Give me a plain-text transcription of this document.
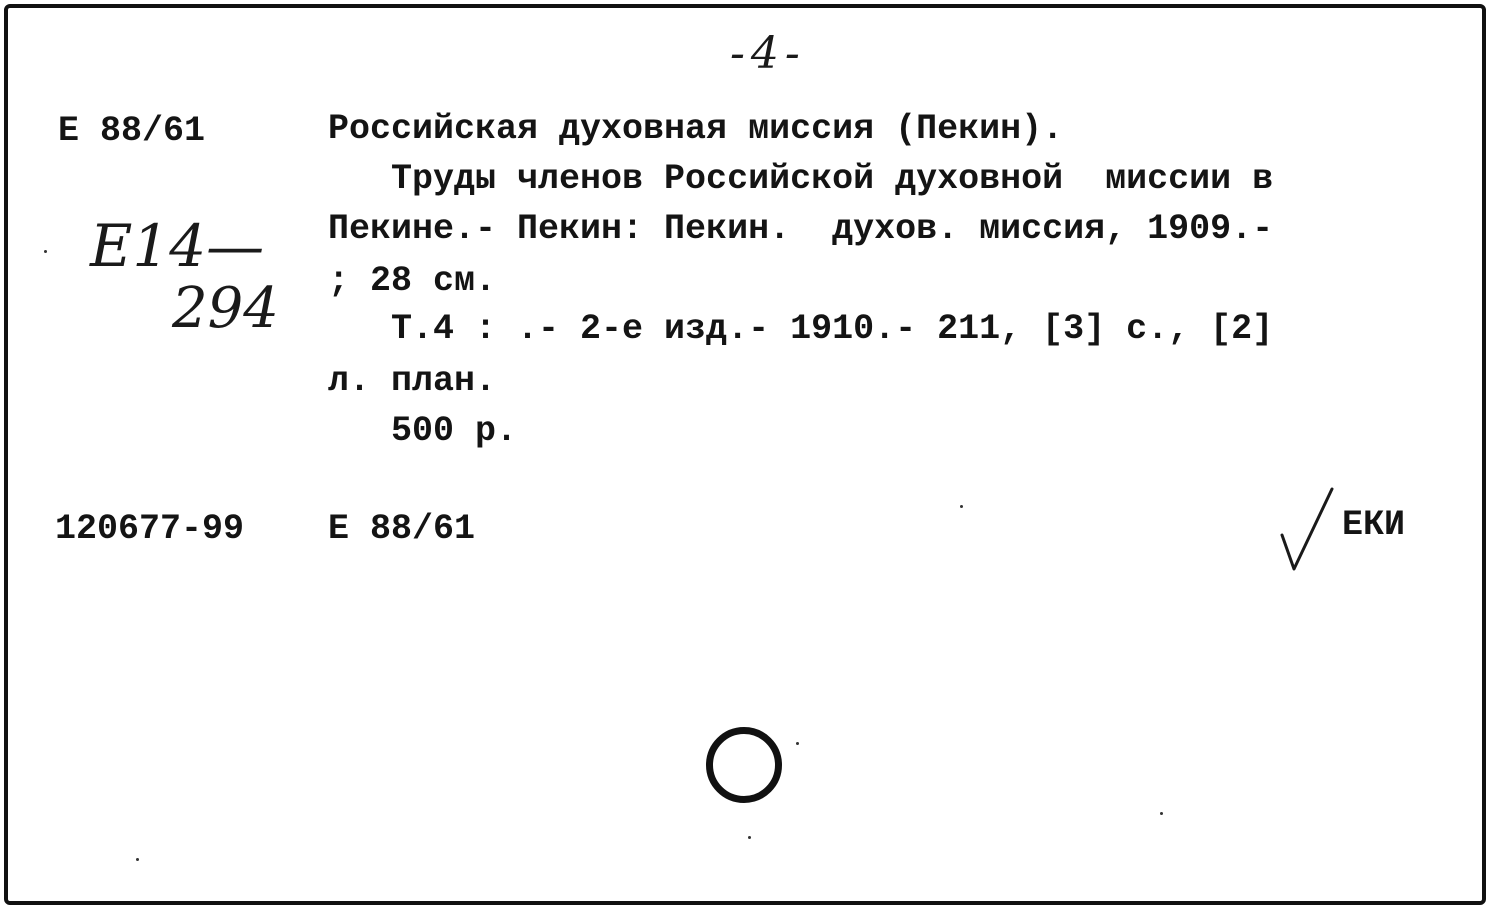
-4-
E 88/61
E14—
294
Российская духовная миссия (Пекин).
Труды членов Российской духовной  миссии в
Пекине.- Пекин: Пекин.  духов. миссия, 1909.-
; 28 см.
Т.4 : .- 2-е изд.- 1910.- 211, [3] с., [2]
л. план.
500 р.
120677-99 E 88/61	ЕКИ
